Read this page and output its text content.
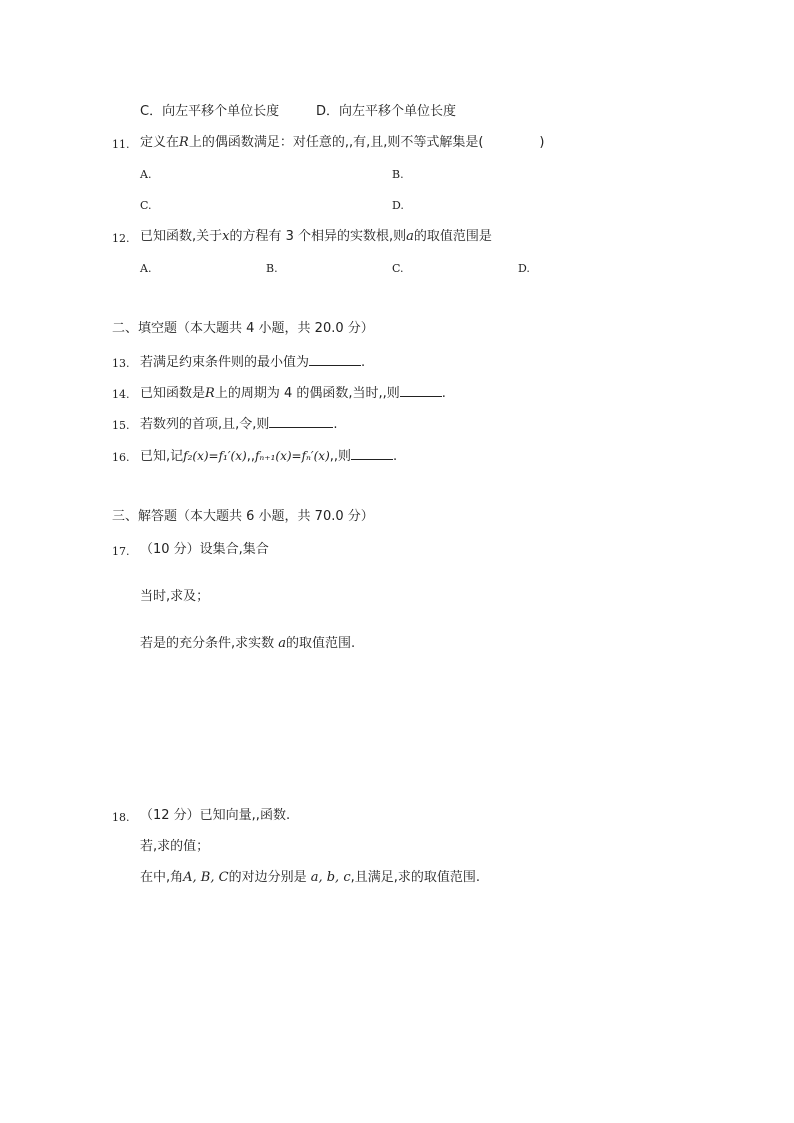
C．向左平移个单位长度	D．向左平移个单位长度
11. 定义在R上的偶函数满足：对任意的,,有,且,则不等式解集是(	)
A.	B.
C.	D.
12. 已知函数,关于x的方程有 3 个相异的实数根,则a的取值范围是
A.	B.	C.	D.
二、填空题（本大题共 4 小题，共 20.0 分）
13. 若满足约束条件则的最小值为	.
14. 已知函数是R上的周期为 4 的偶函数,当时,,则	.
15. 若数列的首项,且,令,则	.
16. 已知,记f₂(x)=f₁′(x),,fₙ₊₁(x)=fₙ′(x),,则	.
三、解答题（本大题共 6 小题，共 70.0 分）
17. （10 分）设集合,集合
当时,求及；
若是的充分条件,求实数 a的取值范围.
18. （12 分）已知向量,,函数.
若,求的值；
在中,角A, B, C的对边分别是 a, b, c,且满足,求的取值范围.
